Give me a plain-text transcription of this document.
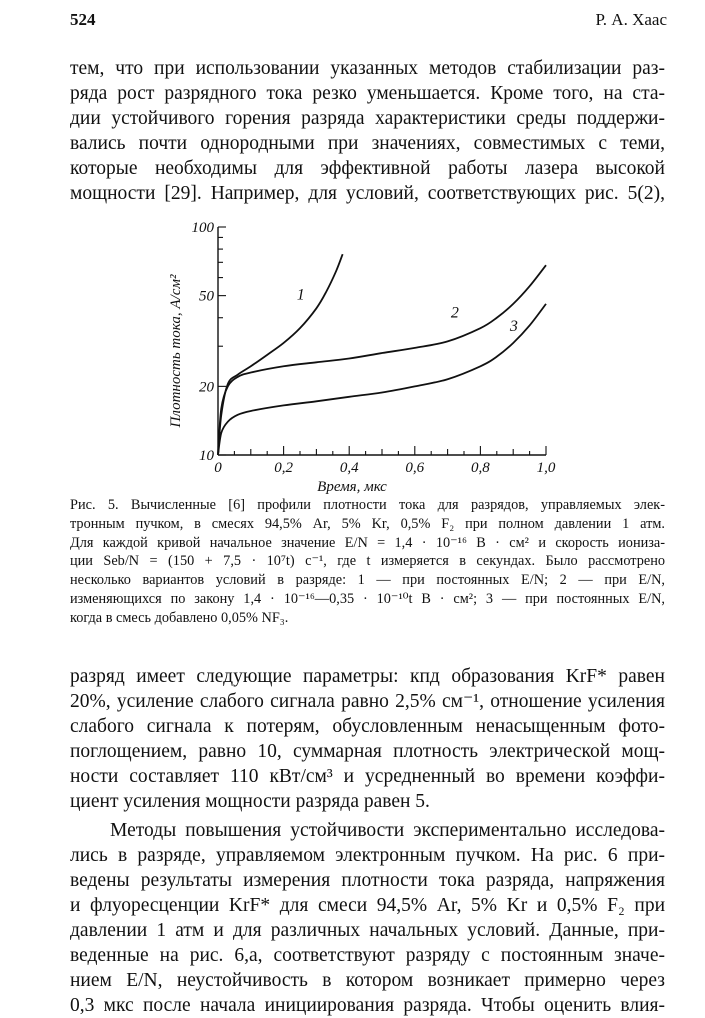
524	Р. А. Хаас
тем, что при использовании указанных методов стабилизации раз-
ряда рост разрядного тока резко уменьшается. Кроме того, на ста-
дии устойчивого горения разряда характеристики среды поддержи-
вались почти однородными при значениях, совместимых с теми,
которые необходимы для эффективной работы лазера высокой
мощности [29]. Например, для условий, соответствующих рис. 5(2),
10
20
50
100
0	0,2	0,4	0,6	0,8	1,0
Время, мкс
Плотность тока, А/см²	1
2
3
Рис. 5. Вычисленные [6] профили плотности тока для разрядов, управляемых элек-
тронным пучком, в смесях 94,5% Ar, 5% Kr, 0,5% F₂ при полном давлении 1 атм.
Для каждой кривой начальное значение E/N = 1,4 · 10⁻¹⁶ В · см² и скорость иониза-
ции Seb/N = (150 + 7,5 · 10⁷t) с⁻¹, где t измеряется в секундах. Было рассмотрено
несколько вариантов условий в разряде: 1 — при постоянных E/N; 2 — при E/N,
изменяющихся по закону 1,4 · 10⁻¹⁶—0,35 · 10⁻¹⁰t В · см²; 3 — при постоянных E/N,
когда в смесь добавлено 0,05% NF₃.
разряд имеет следующие параметры: кпд образования KrF* равен
20%, усиление слабого сигнала равно 2,5% см⁻¹, отношение усиления
слабого сигнала к потерям, обусловленным ненасыщенным фото-
поглощением, равно 10, суммарная плотность электрической мощ-
ности составляет 110 кВт/см³ и усредненный во времени коэффи-
циент усиления мощности разряда равен 5.
Методы повышения устойчивости экспериментально исследова-
лись в разряде, управляемом электронным пучком. На рис. 6 при-
ведены результаты измерения плотности тока разряда, напряжения
и флуоресценции KrF* для смеси 94,5% Ar, 5% Kr и 0,5% F₂ при
давлении 1 атм и для различных начальных условий. Данные, при-
веденные на рис. 6,a, соответствуют разряду с постоянным значе-
нием E/N, неустойчивость в котором возникает примерно через
0,3 мкс после начала инициирования разряда. Чтобы оценить влия-
